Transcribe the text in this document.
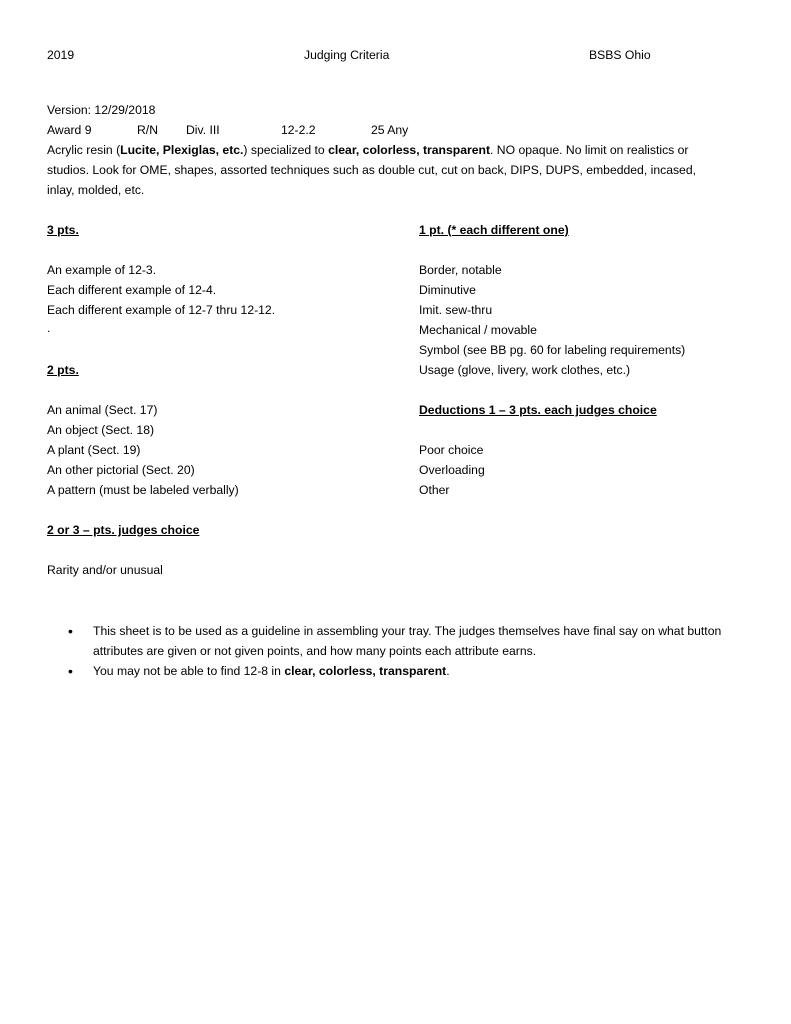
2019	Judging Criteria	BSBS Ohio
Version: 12/29/2018
Award 9	R/N Div. III	12-2.2	25 Any
Acrylic resin (Lucite, Plexiglas, etc.) specialized to clear, colorless, transparent. NO opaque. No limit on realistics or
studios. Look for OME, shapes, assorted techniques such as double cut, cut on back, DIPS, DUPS, embedded, incased,
inlay, molded, etc.
3 pts.
An example of 12-3.
Each different example of 12-4.
Each different example of 12-7 thru 12-12.
.
2 pts.
An animal (Sect. 17)
An object (Sect. 18)
A plant (Sect. 19)
An other pictorial (Sect. 20)
A pattern (must be labeled verbally)
2 or 3 – pts. judges choice
Rarity and/or unusual
1 pt. (* each different one)
Border, notable
Diminutive
Imit. sew-thru
Mechanical / movable
Symbol (see BB pg. 60 for labeling requirements)
Usage (glove, livery, work clothes, etc.)
Deductions 1 – 3 pts. each judges choice
Poor choice
Overloading
Other
• This sheet is to be used as a guideline in assembling your tray. The judges themselves have final say on what button attributes are given or not given points, and how many points each attribute earns.
• You may not be able to find 12-8 in clear, colorless, transparent.
